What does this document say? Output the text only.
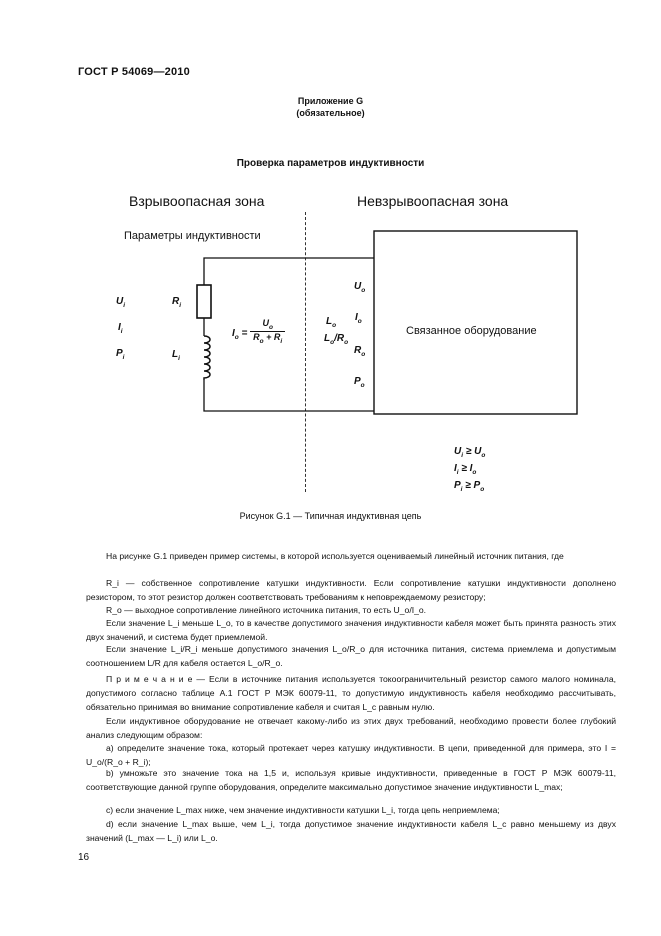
ГОСТ Р 54069—2010
Приложение G
(обязательное)
Проверка параметров индуктивности
Взрывоопасная зона	Невзрывоопасная зона
Параметры индуктивности
$U_i$
$I_i$
$P_i$
$R_i$
$L_i$
$I_o = \frac{U_o}{R_o + R_i}$	$L_o$
$L_o/R_o$
$U_o$
$I_o$
$R_o$
$P_o$
Связанное оборудование
$U_i \ge U_o$
$I_i \ge I_o$
$P_i \ge P_o$
Рисунок G.1 — Типичная индуктивная цепь
На рисунке G.1 приведен пример системы, в которой используется оцениваемый линейный источник питания, где
R_i — собственное сопротивление катушки индуктивности. Если сопротивление катушки индуктивности дополнено резистором, то этот резистор должен соответствовать требованиям к неповреждаемому резистору;
R_o — выходное сопротивление линейного источника питания, то есть U_o/I_o.
Если значение L_i меньше L_o, то в качестве допустимого значения индуктивности кабеля может быть принята разность этих двух значений, и система будет приемлемой.
Если значение L_i/R_i меньше допустимого значения L_o/R_o для источника питания, система приемлема и допустимым соотношением L/R для кабеля остается L_o/R_o.
П р и м е ч а н и е — Если в источнике питания используется токоограничительный резистор самого малого номинала, допустимого согласно таблице А.1 ГОСТ Р МЭК 60079-11, то допустимую индуктивность кабеля необходимо рассчитывать, обязательно принимая во внимание сопротивление кабеля и считая L_c равным нулю.
Если индуктивное оборудование не отвечает какому-либо из этих двух требований, необходимо провести более глубокий анализ следующим образом:
a) определите значение тока, который протекает через катушку индуктивности. В цепи, приведенной для примера, это I = U_o/(R_o + R_i);
b) умножьте это значение тока на 1,5 и, используя кривые индуктивности, приведенные в ГОСТ Р МЭК 60079-11, соответствующие данной группе оборудования, определите максимально допустимое значение индуктивности L_max;
c) если значение L_max ниже, чем значение индуктивности катушки L_i, тогда цепь неприемлема;
d) если значение L_max выше, чем L_i, тогда допустимое значение индуктивности кабеля L_c равно меньшему из двух значений (L_max — L_i) или L_o.
16
